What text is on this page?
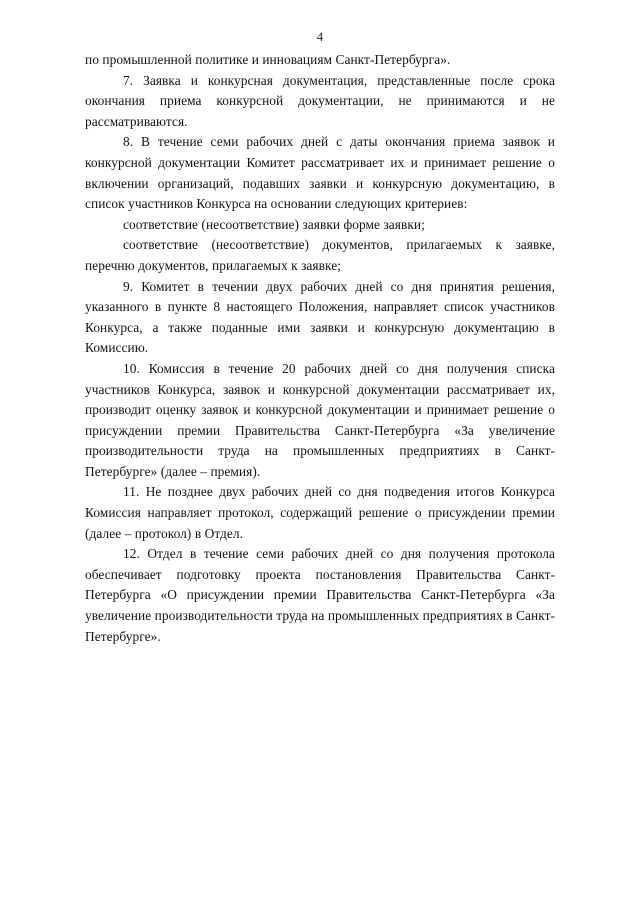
4

по промышленной политике и инновациям Санкт-Петербурга».

7. Заявка и конкурсная документация, представленные после срока окончания приема конкурсной документации, не принимаются и не рассматриваются.

8. В течение семи рабочих дней с даты окончания приема заявок и конкурсной документации Комитет рассматривает их и принимает решение о включении организаций, подавших заявки и конкурсную документацию, в список участников Конкурса на основании следующих критериев:

соответствие (несоответствие) заявки форме заявки;

соответствие (несоответствие) документов, прилагаемых к заявке, перечню документов, прилагаемых к заявке;

9. Комитет в течении двух рабочих дней со дня принятия решения, указанного в пункте 8 настоящего Положения, направляет список участников Конкурса, а также поданные ими заявки и конкурсную документацию в Комиссию.

10. Комиссия в течение 20 рабочих дней со дня получения списка участников Конкурса, заявок и конкурсной документации рассматривает их, производит оценку заявок и конкурсной документации и принимает решение о присуждении премии Правительства Санкт-Петербурга «За увеличение производительности труда на промышленных предприятиях в Санкт-Петербурге» (далее – премия).

11. Не позднее двух рабочих дней со дня подведения итогов Конкурса Комиссия направляет протокол, содержащий решение о присуждении премии (далее – протокол) в Отдел.

12. Отдел в течение семи рабочих дней со дня получения протокола обеспечивает подготовку проекта постановления Правительства Санкт-Петербурга «О присуждении премии Правительства Санкт-Петербурга «За увеличение производительности труда на промышленных предприятиях в Санкт-Петербурге».
